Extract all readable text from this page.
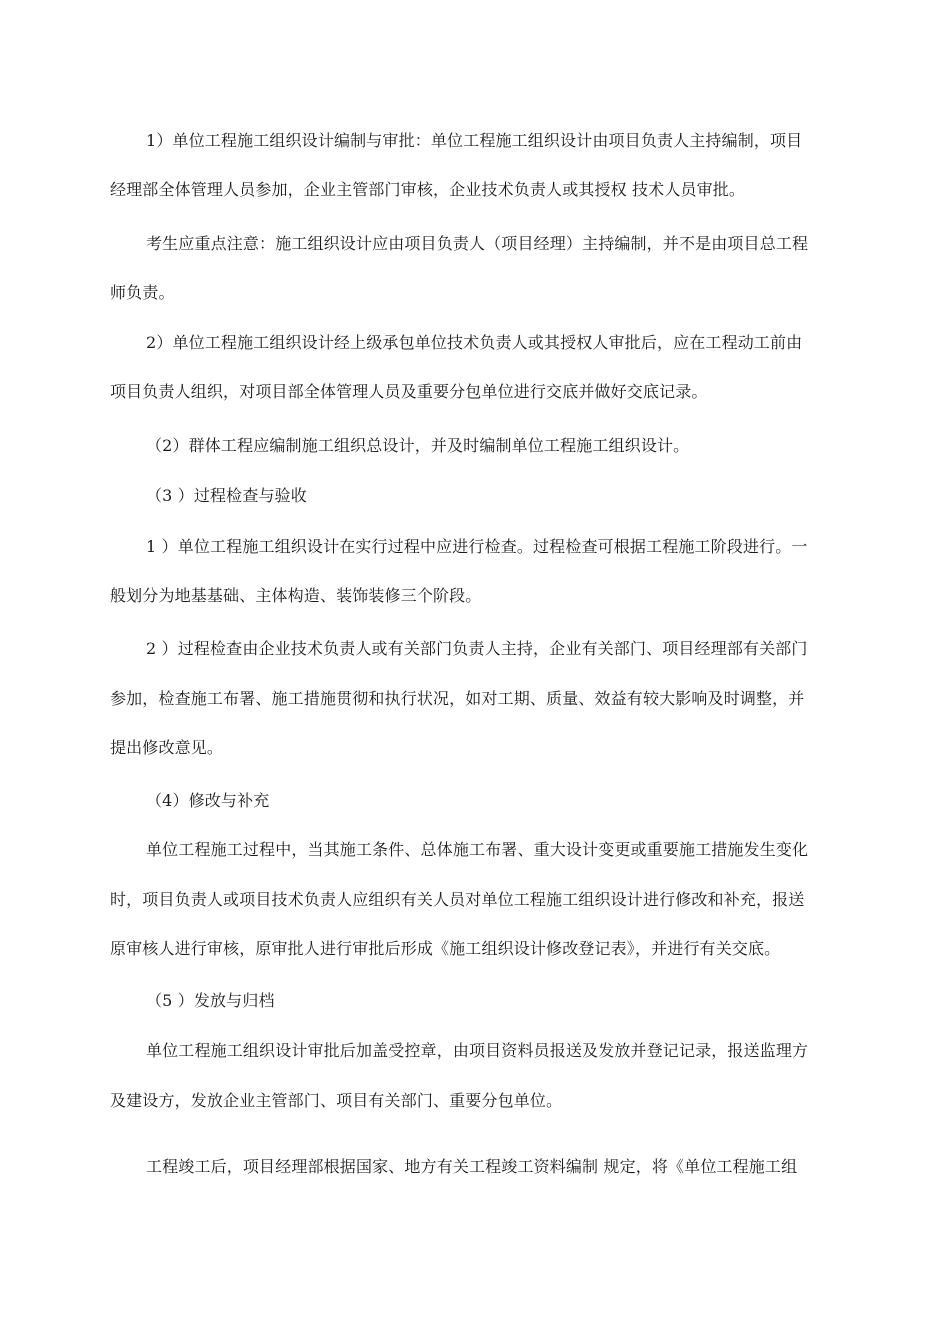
1）单位工程施工组织设计编制与审批：单位工程施工组织设计由项目负责人主持编制，项目
经理部全体管理人员参加，企业主管部门审核，企业技术负责人或其授权 技术人员审批。
考生应重点注意：施工组织设计应由项目负责人（项目经理）主持编制，并不是由项目总工程
师负责。
2）单位工程施工组织设计经上级承包单位技术负责人或其授权人审批后，应在工程动工前由
项目负责人组织，对项目部全体管理人员及重要分包单位进行交底并做好交底记录。
（2）群体工程应编制施工组织总设计，并及时编制单位工程施工组织设计。
（3 ）过程检查与验收
1 ）单位工程施工组织设计在实行过程中应进行检查。过程检查可根据工程施工阶段进行。一
般划分为地基基础、主体构造、装饰装修三个阶段。
2 ）过程检查由企业技术负责人或有关部门负责人主持，企业有关部门、项目经理部有关部门
参加，检查施工布署、施工措施贯彻和执行状况，如对工期、质量、效益有较大影响及时调整，并
提出修改意见。
（4）修改与补充
单位工程施工过程中，当其施工条件、总体施工布署、重大设计变更或重要施工措施发生变化
时，项目负责人或项目技术负责人应组织有关人员对单位工程施工组织设计进行修改和补充，报送
原审核人进行审核，原审批人进行审批后形成《施工组织设计修改登记表》，并进行有关交底。
（5 ）发放与归档
单位工程施工组织设计审批后加盖受控章，由项目资料员报送及发放并登记记录，报送监理方
及建设方，发放企业主管部门、项目有关部门、重要分包单位。
工程竣工后，项目经理部根据国家、地方有关工程竣工资料编制 规定，将《单位工程施工组
